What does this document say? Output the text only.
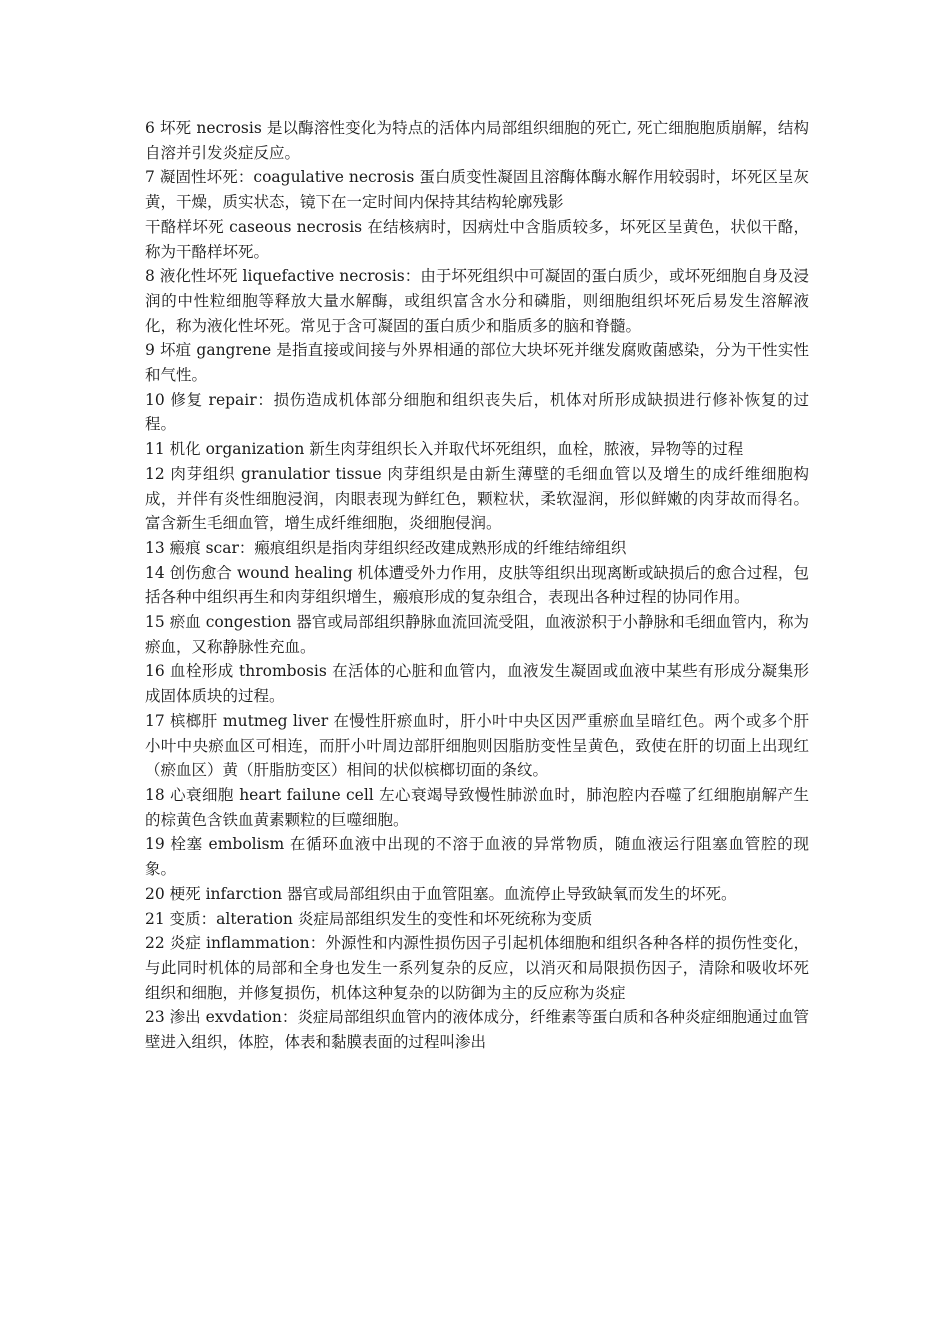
6 坏死 necrosis 是以酶溶性变化为特点的活体内局部组织细胞的死亡, 死亡细胞胞质崩解，结构自溶并引发炎症反应。

7 凝固性坏死：coagulative necrosis 蛋白质变性凝固且溶酶体酶水解作用较弱时，坏死区呈灰黄，干燥，质实状态，镜下在一定时间内保持其结构轮廓残影

干酪样坏死 caseous necrosis 在结核病时，因病灶中含脂质较多，坏死区呈黄色，状似干酪，称为干酪样坏死。

8 液化性坏死 liquefactive necrosis：由于坏死组织中可凝固的蛋白质少，或坏死细胞自身及浸润的中性粒细胞等释放大量水解酶，或组织富含水分和磷脂，则细胞组织坏死后易发生溶解液化，称为液化性坏死。常见于含可凝固的蛋白质少和脂质多的脑和脊髓。

9 坏疽 gangrene 是指直接或间接与外界相通的部位大块坏死并继发腐败菌感染，分为干性实性和气性。

10 修复 repair：损伤造成机体部分细胞和组织丧失后，机体对所形成缺损进行修补恢复的过程。

11 机化 organization 新生肉芽组织长入并取代坏死组织，血栓，脓液，异物等的过程

12 肉芽组织 granulatior tissue 肉芽组织是由新生薄壁的毛细血管以及增生的成纤维细胞构成，并伴有炎性细胞浸润，肉眼表现为鲜红色，颗粒状，柔软湿润，形似鲜嫩的肉芽故而得名。富含新生毛细血管，增生成纤维细胞，炎细胞侵润。

13 瘢痕 scar：瘢痕组织是指肉芽组织经改建成熟形成的纤维结缔组织

14 创伤愈合 wound healing 机体遭受外力作用，皮肤等组织出现离断或缺损后的愈合过程，包括各种中组织再生和肉芽组织增生，瘢痕形成的复杂组合，表现出各种过程的协同作用。

15 瘀血 congestion 器官或局部组织静脉血流回流受阻，血液淤积于小静脉和毛细血管内，称为瘀血，又称静脉性充血。

16 血栓形成 thrombosis 在活体的心脏和血管内，血液发生凝固或血液中某些有形成分凝集形成固体质块的过程。

17 槟榔肝 mutmeg liver 在慢性肝瘀血时，肝小叶中央区因严重瘀血呈暗红色。两个或多个肝小叶中央瘀血区可相连，而肝小叶周边部肝细胞则因脂肪变性呈黄色，致使在肝的切面上出现红（瘀血区）黄（肝脂肪变区）相间的状似槟榔切面的条纹。

18 心衰细胞 heart failune cell 左心衰竭导致慢性肺淤血时，肺泡腔内吞噬了红细胞崩解产生的棕黄色含铁血黄素颗粒的巨噬细胞。

19 栓塞 embolism 在循环血液中出现的不溶于血液的异常物质，随血液运行阻塞血管腔的现象。

20 梗死 infarction 器官或局部组织由于血管阻塞。血流停止导致缺氧而发生的坏死。

21 变质：alteration 炎症局部组织发生的变性和坏死统称为变质

22 炎症 inflammation：外源性和内源性损伤因子引起机体细胞和组织各种各样的损伤性变化，与此同时机体的局部和全身也发生一系列复杂的反应，以消灭和局限损伤因子，清除和吸收坏死组织和细胞，并修复损伤，机体这种复杂的以防御为主的反应称为炎症

23 渗出 exvdation：炎症局部组织血管内的液体成分，纤维素等蛋白质和各种炎症细胞通过血管壁进入组织，体腔，体表和黏膜表面的过程叫渗出
